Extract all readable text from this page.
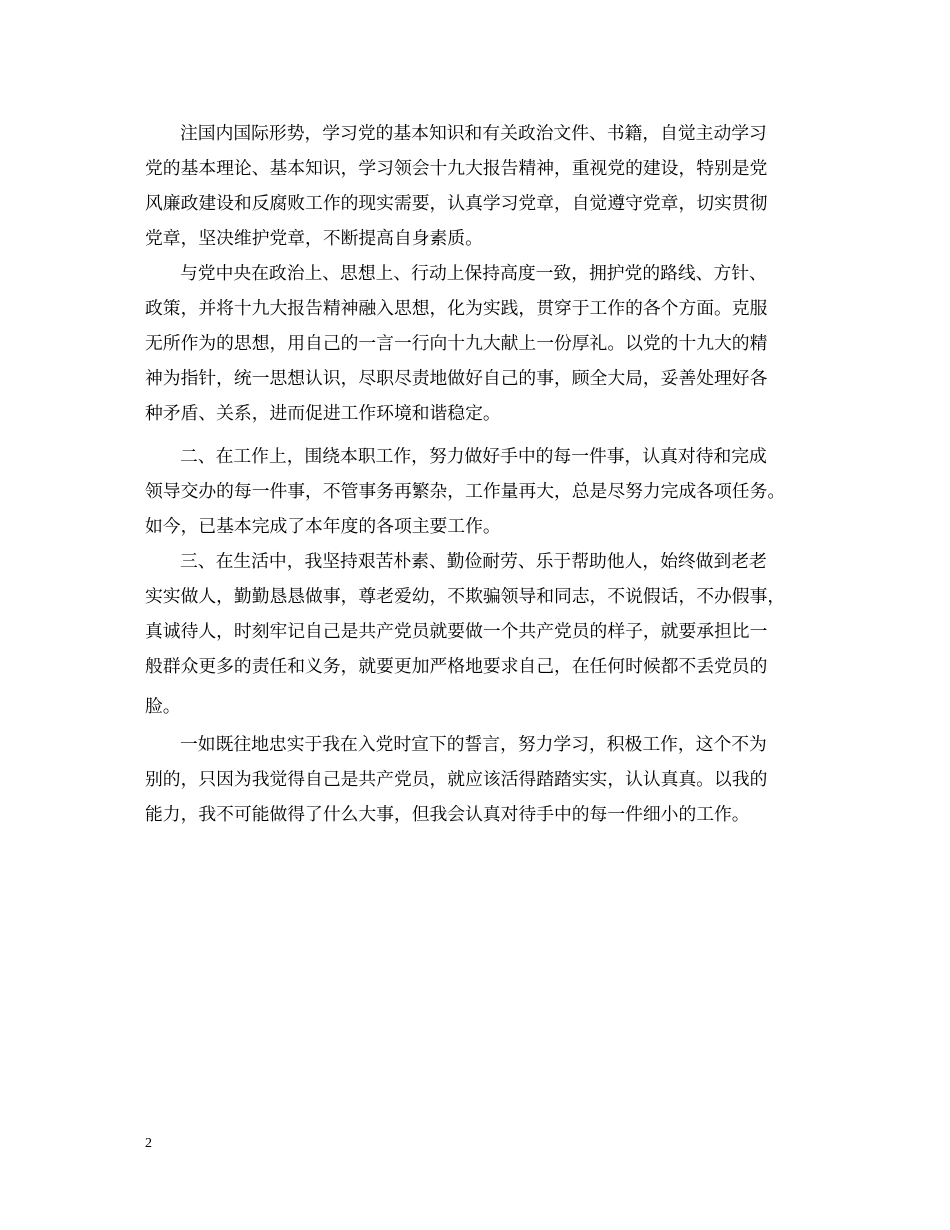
注国内国际形势，学习党的基本知识和有关政治文件、书籍，自觉主动学习
党的基本理论、基本知识，学习领会十九大报告精神，重视党的建设，特别是党
风廉政建设和反腐败工作的现实需要，认真学习党章，自觉遵守党章，切实贯彻
党章，坚决维护党章，不断提高自身素质。
与党中央在政治上、思想上、行动上保持高度一致，拥护党的路线、方针、
政策，并将十九大报告精神融入思想，化为实践，贯穿于工作的各个方面。克服
无所作为的思想，用自己的一言一行向十九大献上一份厚礼。以党的十九大的精
神为指针，统一思想认识，尽职尽责地做好自己的事，顾全大局，妥善处理好各
种矛盾、关系，进而促进工作环境和谐稳定。
二、在工作上，围绕本职工作，努力做好手中的每一件事，认真对待和完成
领导交办的每一件事，不管事务再繁杂，工作量再大，总是尽努力完成各项任务。
如今，已基本完成了本年度的各项主要工作。
三、在生活中，我坚持艰苦朴素、勤俭耐劳、乐于帮助他人，始终做到老老
实实做人，勤勤恳恳做事，尊老爱幼，不欺骗领导和同志，不说假话，不办假事，
真诚待人，时刻牢记自己是共产党员就要做一个共产党员的样子，就要承担比一
般群众更多的责任和义务，就要更加严格地要求自己，在任何时候都不丢党员的
脸。
一如既往地忠实于我在入党时宣下的誓言，努力学习，积极工作，这个不为
别的，只因为我觉得自己是共产党员，就应该活得踏踏实实，认认真真。以我的
能力，我不可能做得了什么大事，但我会认真对待手中的每一件细小的工作。
2
